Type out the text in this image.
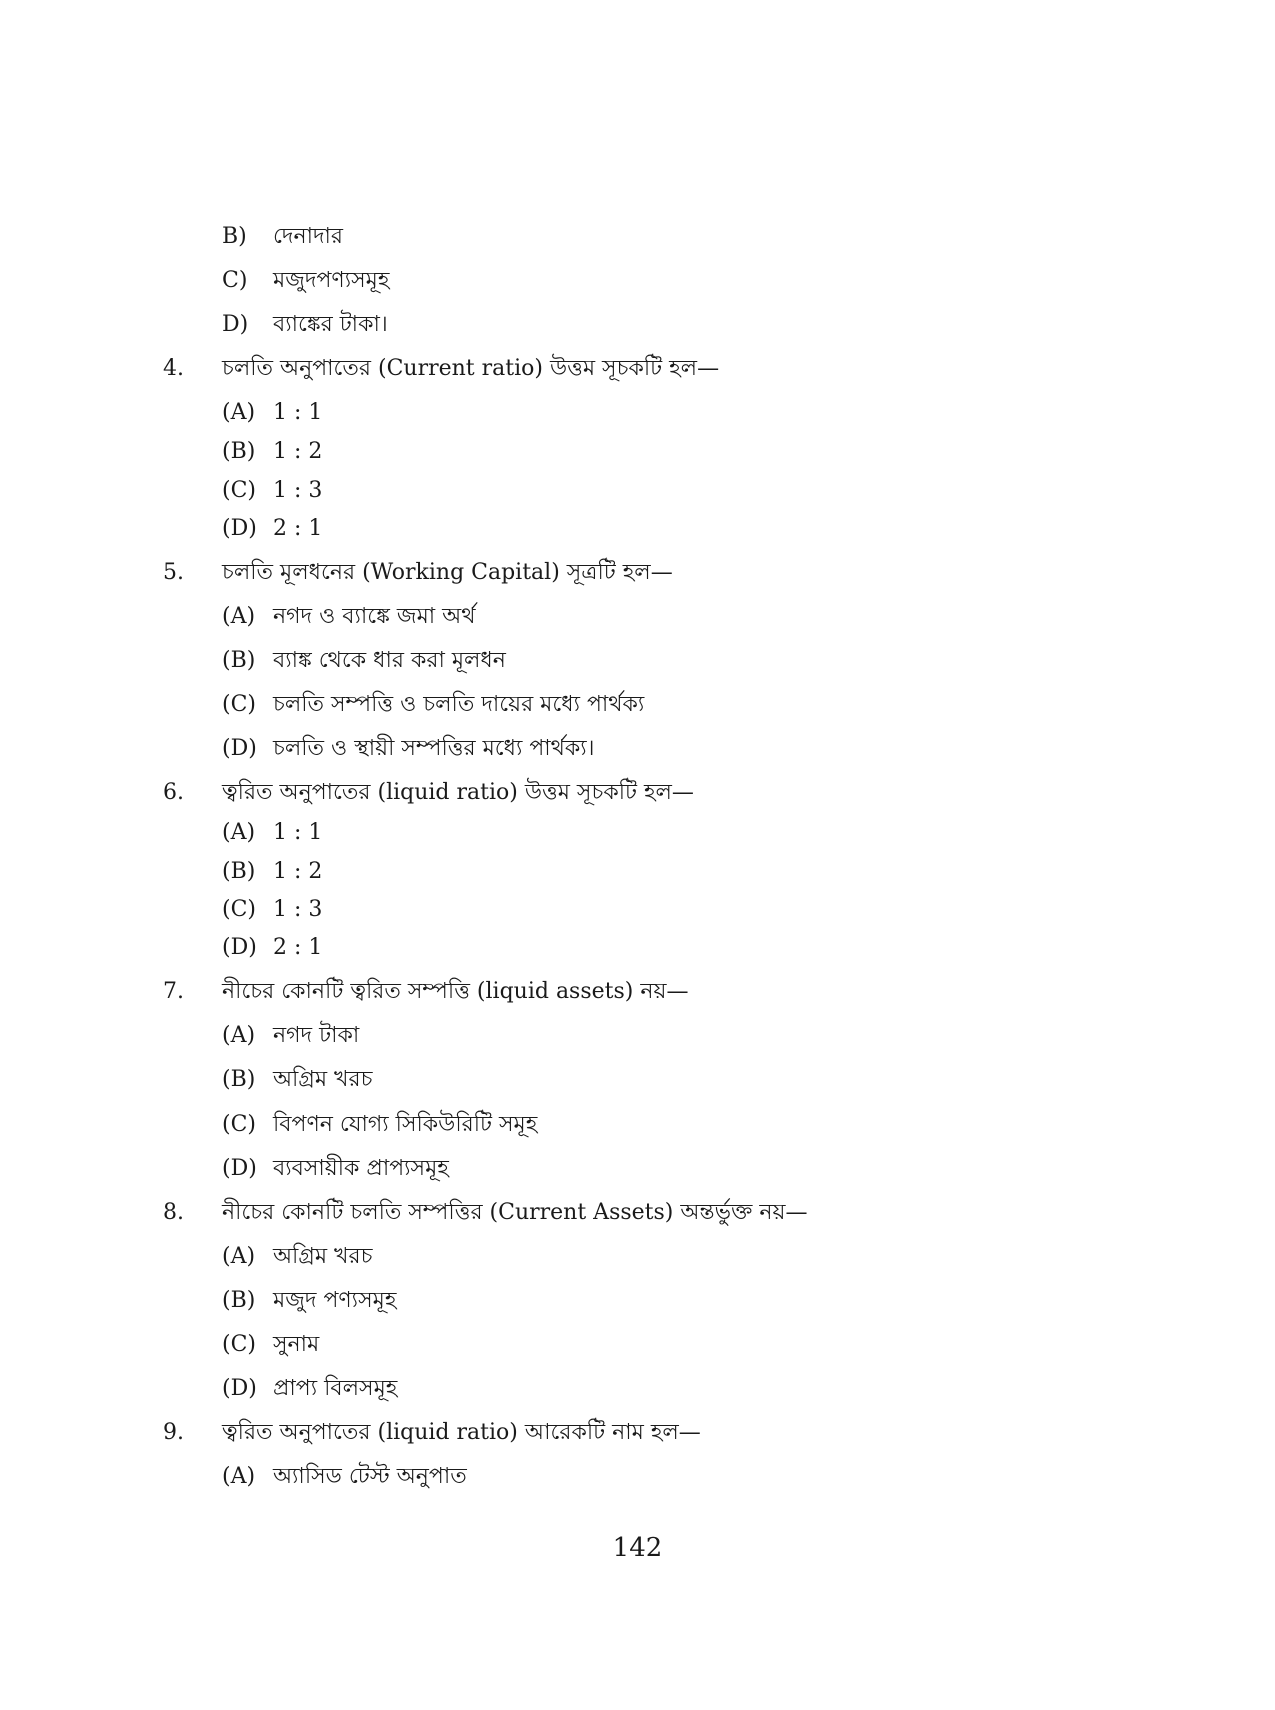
B) দেনাদার
C) মজুদপণ্যসমূহ
D) ব্যাঙ্কের টাকা।
4. চলতি অনুপাতের (Current ratio) উত্তম সূচকটি হল—
(A) 1 : 1
(B) 1 : 2
(C) 1 : 3
(D) 2 : 1
5. চলতি মূলধনের (Working Capital) সূত্রটি হল—
(A) নগদ ও ব্যাঙ্কে জমা অর্থ
(B) ব্যাঙ্ক থেকে ধার করা মূলধন
(C) চলতি সম্পত্তি ও চলতি দায়ের মধ্যে পার্থক্য
(D) চলতি ও স্থায়ী সম্পত্তির মধ্যে পার্থক্য।
6. ত্বরিত অনুপাতের (liquid ratio) উত্তম সূচকটি হল—
(A) 1 : 1
(B) 1 : 2
(C) 1 : 3
(D) 2 : 1
7. নীচের কোনটি ত্বরিত সম্পত্তি (liquid assets) নয়—
(A) নগদ টাকা
(B) অগ্রিম খরচ
(C) বিপণন যোগ্য সিকিউরিটি সমূহ
(D) ব্যবসায়ীক প্রাপ্যসমূহ
8. নীচের কোনটি চলতি সম্পত্তির (Current Assets) অন্তর্ভুক্ত নয়—
(A) অগ্রিম খরচ
(B) মজুদ পণ্যসমূহ
(C) সুনাম
(D) প্রাপ্য বিলসমূহ
9. ত্বরিত অনুপাতের (liquid ratio) আরেকটি নাম হল—
(A) অ্যাসিড টেস্ট অনুপাত
142
